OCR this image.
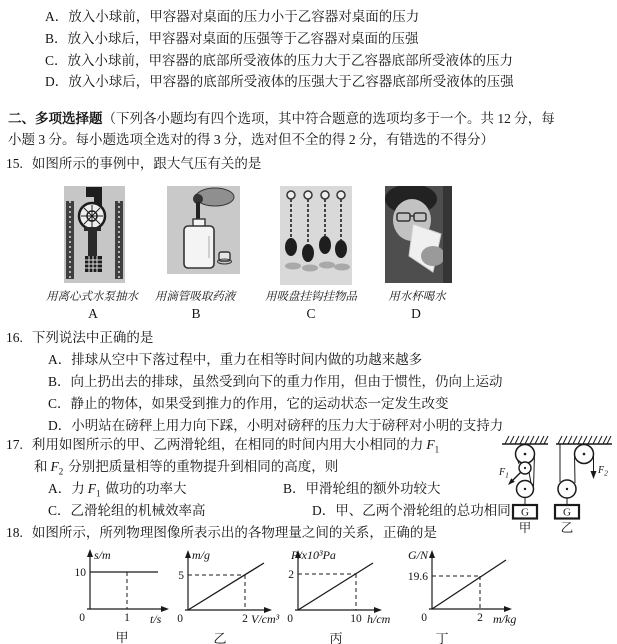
A．放入小球前，甲容器对桌面的压力小于乙容器对桌面的压力
B．放入小球后，甲容器对桌面的压强等于乙容器对桌面的压强
C．放入小球前，甲容器的底部所受液体的压力大于乙容器底部所受液体的压力
D．放入小球后，甲容器的底部所受液体的压强大于乙容器底部所受液体的压强
二、多项选择题（下列各小题均有四个选项，其中符合题意的选项均多于一个。共 12 分，每
小题 3 分。每小题选项全选对的得 3 分，选对但不全的得 2 分，有错选的不得分）
15. 如图所示的事例中，跟大气压有关的是
用离心式水泵抽水 用滴管吸取药液	用吸盘挂钩挂物品	用水杯喝水
A	B	C	D
16. 下列说法中正确的是
A．排球从空中下落过程中，重力在相等时间内做的功越来越多
B．向上扔出去的排球，虽然受到向下的重力作用，但由于惯性，仍向上运动
C．静止的物体，如果受到推力的作用，它的运动状态一定发生改变
D．小明站在磅秤上用力向下踩，小明对磅秤的压力大于磅秤对小明的支持力
17. 利用如图所示的甲、乙两滑轮组，在相同的时间内用大小相同的力 $F_1$
和 $F_2$ 分别把质量相等的重物提升到相同的高度，则
A．力 $F_1$ 做功的功率大	B．甲滑轮组的额外功较大
C．乙滑轮组的机械效率高	D．甲、乙两个滑轮组的总功相同
$F_1$
G
甲
$F_2$
G
乙
18. 如图所示，所列物理图像所表示出的各物理量之间的关系，正确的是
10
0	1
s/m
t/s
5
0	2
m/g
V/cm³
2
0	10
P/x10³Pa
h/cm
19.6
0	2
G/N
m/kg
甲	乙	丙	丁
